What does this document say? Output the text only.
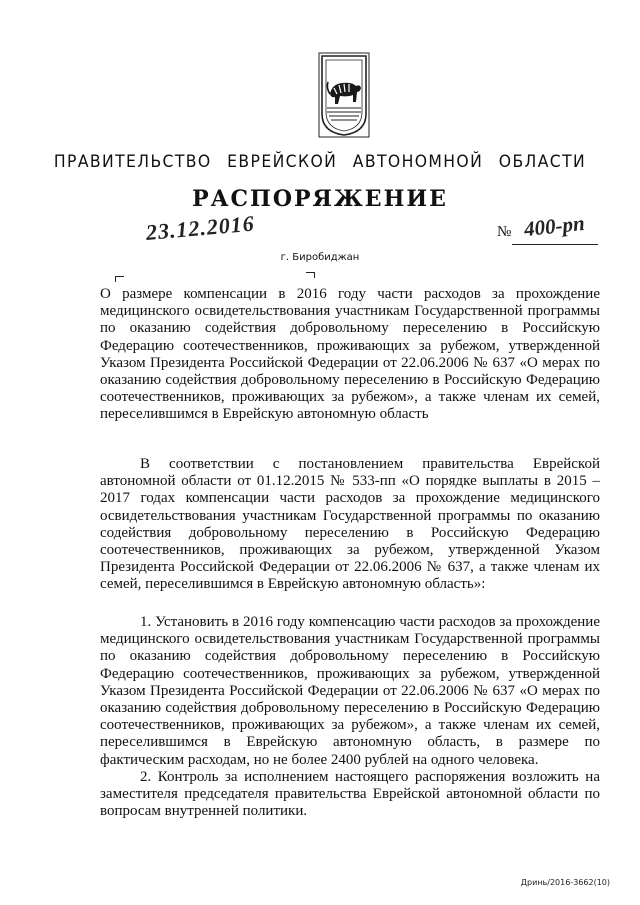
ПРАВИТЕЛЬСТВО ЕВРЕЙСКОЙ АВТОНОМНОЙ ОБЛАСТИ
РАСПОРЯЖЕНИЕ
23.12.2016	№ 400-рп
г. Биробиджан
О размере компенсации в 2016 году части расходов за прохождение медицинского освидетельствования участникам Государственной программы по оказанию содействия добровольному переселению в Российскую Федерацию соотечественников, проживающих за рубежом, утвержденной Указом Президента Российской Федерации от 22.06.2006 № 637 «О мерах по оказанию содействия добровольному переселению в Российскую Федерацию соотечественников, проживающих за рубежом», а также членам их семей, переселившимся в Еврейскую автономную область

В соответствии с постановлением правительства Еврейской автономной области от 01.12.2015 № 533-пп «О порядке выплаты в 2015 – 2017 годах компенсации части расходов за прохождение медицинского освидетельствования участникам Государственной программы по оказанию содействия добровольному переселению в Российскую Федерацию соотечественников, проживающих за рубежом, утвержденной Указом Президента Российской Федерации от 22.06.2006 № 637, а также членам их семей, переселившимся в Еврейскую автономную область»:

1. Установить в 2016 году компенсацию части расходов за прохождение медицинского освидетельствования участникам Государственной программы по оказанию содействия добровольному переселению в Российскую Федерацию соотечественников, проживающих за рубежом, утвержденной Указом Президента Российской Федерации от 22.06.2006 № 637 «О мерах по оказанию содействия добровольному переселению в Российскую Федерацию соотечественников, проживающих за рубежом», а также членам их семей, переселившимся в Еврейскую автономную область, в размере по фактическим расходам, но не более 2400 рублей на одного человека.

2. Контроль за исполнением настоящего распоряжения возложить на заместителя председателя правительства Еврейской автономной области по вопросам внутренней политики.

Дринь/2016-3662(10)
